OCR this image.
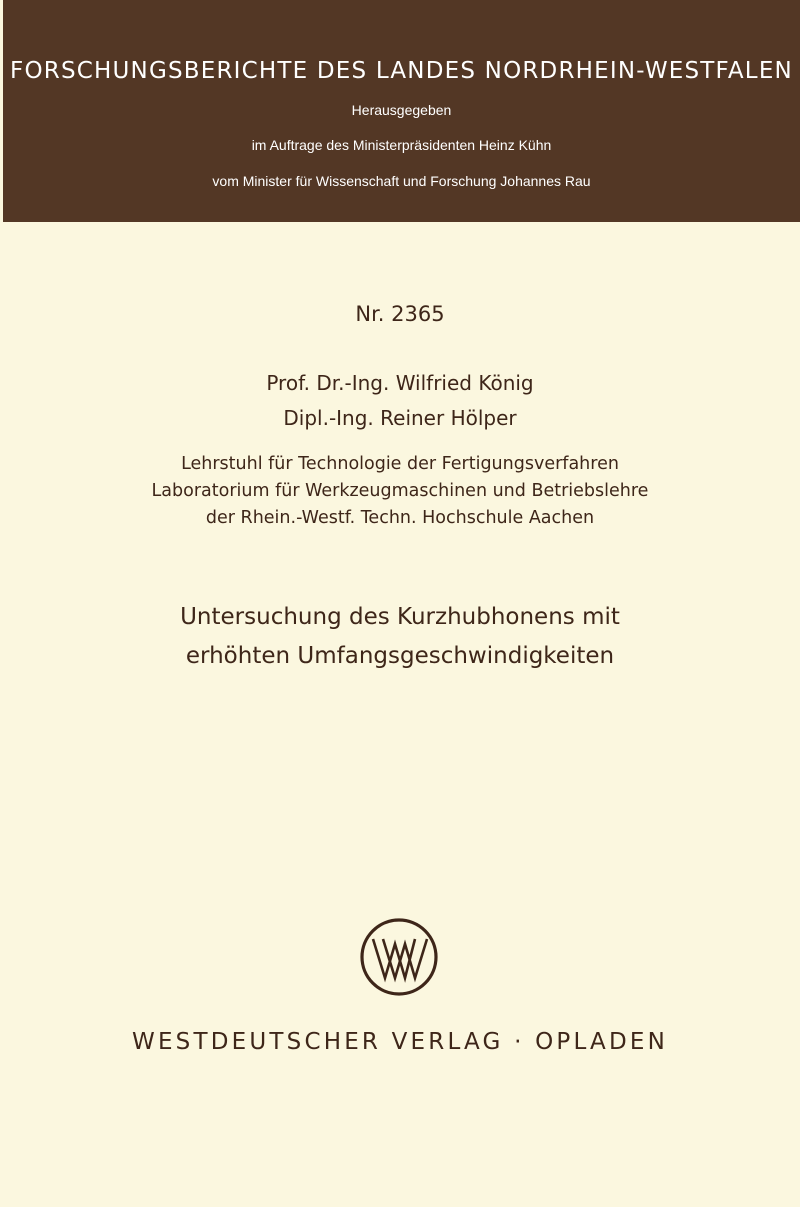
FORSCHUNGSBERICHTE DES LANDES NORDRHEIN-WESTFALEN
Herausgegeben
im Auftrage des Ministerpräsidenten Heinz Kühn
vom Minister für Wissenschaft und Forschung Johannes Rau
Nr. 2365
Prof. Dr.-Ing. Wilfried König
Dipl.-Ing. Reiner Hölper
Lehrstuhl für Technologie der Fertigungsverfahren
Laboratorium für Werkzeugmaschinen und Betriebslehre
der Rhein.-Westf. Techn. Hochschule Aachen
Untersuchung des Kurzhubhonens mit
erhöhten Umfangsgeschwindigkeiten
WESTDEUTSCHER VERLAG · OPLADEN
